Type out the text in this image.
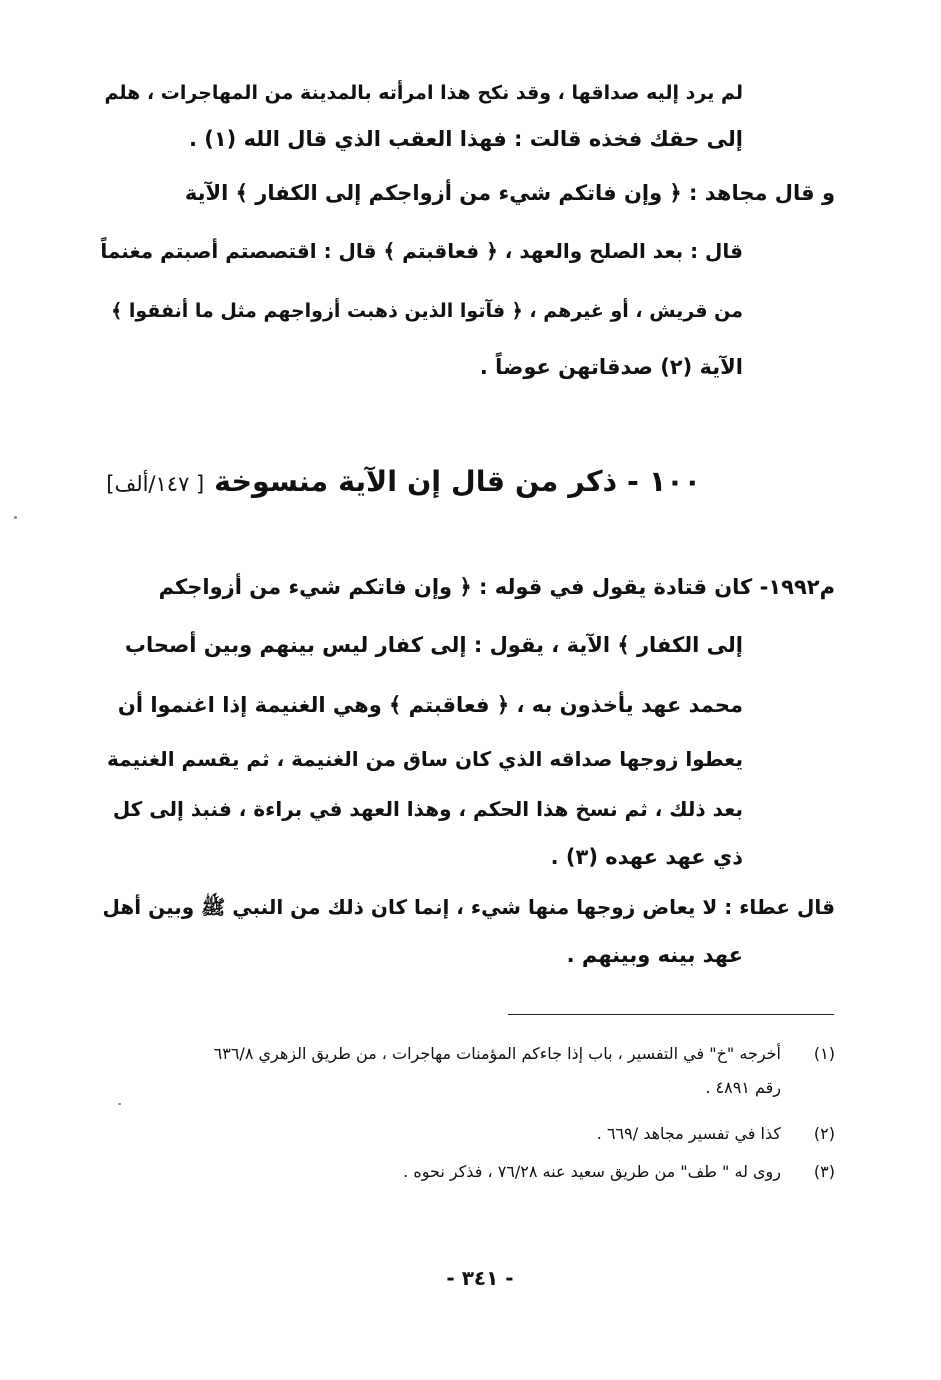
لم يرد إليه صداقها ، وقد نكح هذا امرأته بالمدينة من المهاجرات ، هلم
إلى حقك فخذه قالت : فهذا العقب الذي قال الله (١) .
و قال مجاهد : ﴿ وإن فاتكم شيء من أزواجكم إلى الكفار ﴾ الآية
قال : بعد الصلح والعهد ، ﴿ فعاقبتم ﴾ قال : اقتصصتم أصبتم مغنماً
من قريش ، أو غيرهم ، ﴿ فآتوا الذين ذهبت أزواجهم مثل ما أنفقوا ﴾
الآية (٢) صدقاتهن عوضاً .
١٠٠ - ذكر من قال إن الآية منسوخة [ ١٤٧/ألف]
م١٩٩٢- كان قتادة يقول في قوله : ﴿ وإن فاتكم شيء من أزواجكم
إلى الكفار ﴾ الآية ، يقول : إلى كفار ليس بينهم وبين أصحاب
محمد عهد يأخذون به ، ﴿ فعاقبتم ﴾ وهي الغنيمة إذا اغنموا أن
يعطوا زوجها صداقه الذي كان ساق من الغنيمة ، ثم يقسم الغنيمة
بعد ذلك ، ثم نسخ هذا الحكم ، وهذا العهد في براءة ، فنبذ إلى كل
ذي عهد عهده (٣) .
قال عطاء : لا يعاض زوجها منها شيء ، إنما كان ذلك من النبي ﷺ وبين أهل
عهد بينه وبينهم .
(١)
أخرجه "خ" في التفسير ، باب إذا جاءكم المؤمنات مهاجرات ، من طريق الزهري ٦٣٦/٨
رقم ٤٨٩١ .
(٢)
كذا في تفسير مجاهد /٦٦٩ .
(٣)
روى له " طف" من طريق سعيد عنه ٧٦/٢٨ ، فذكر نحوه .
- ٣٤١ -
